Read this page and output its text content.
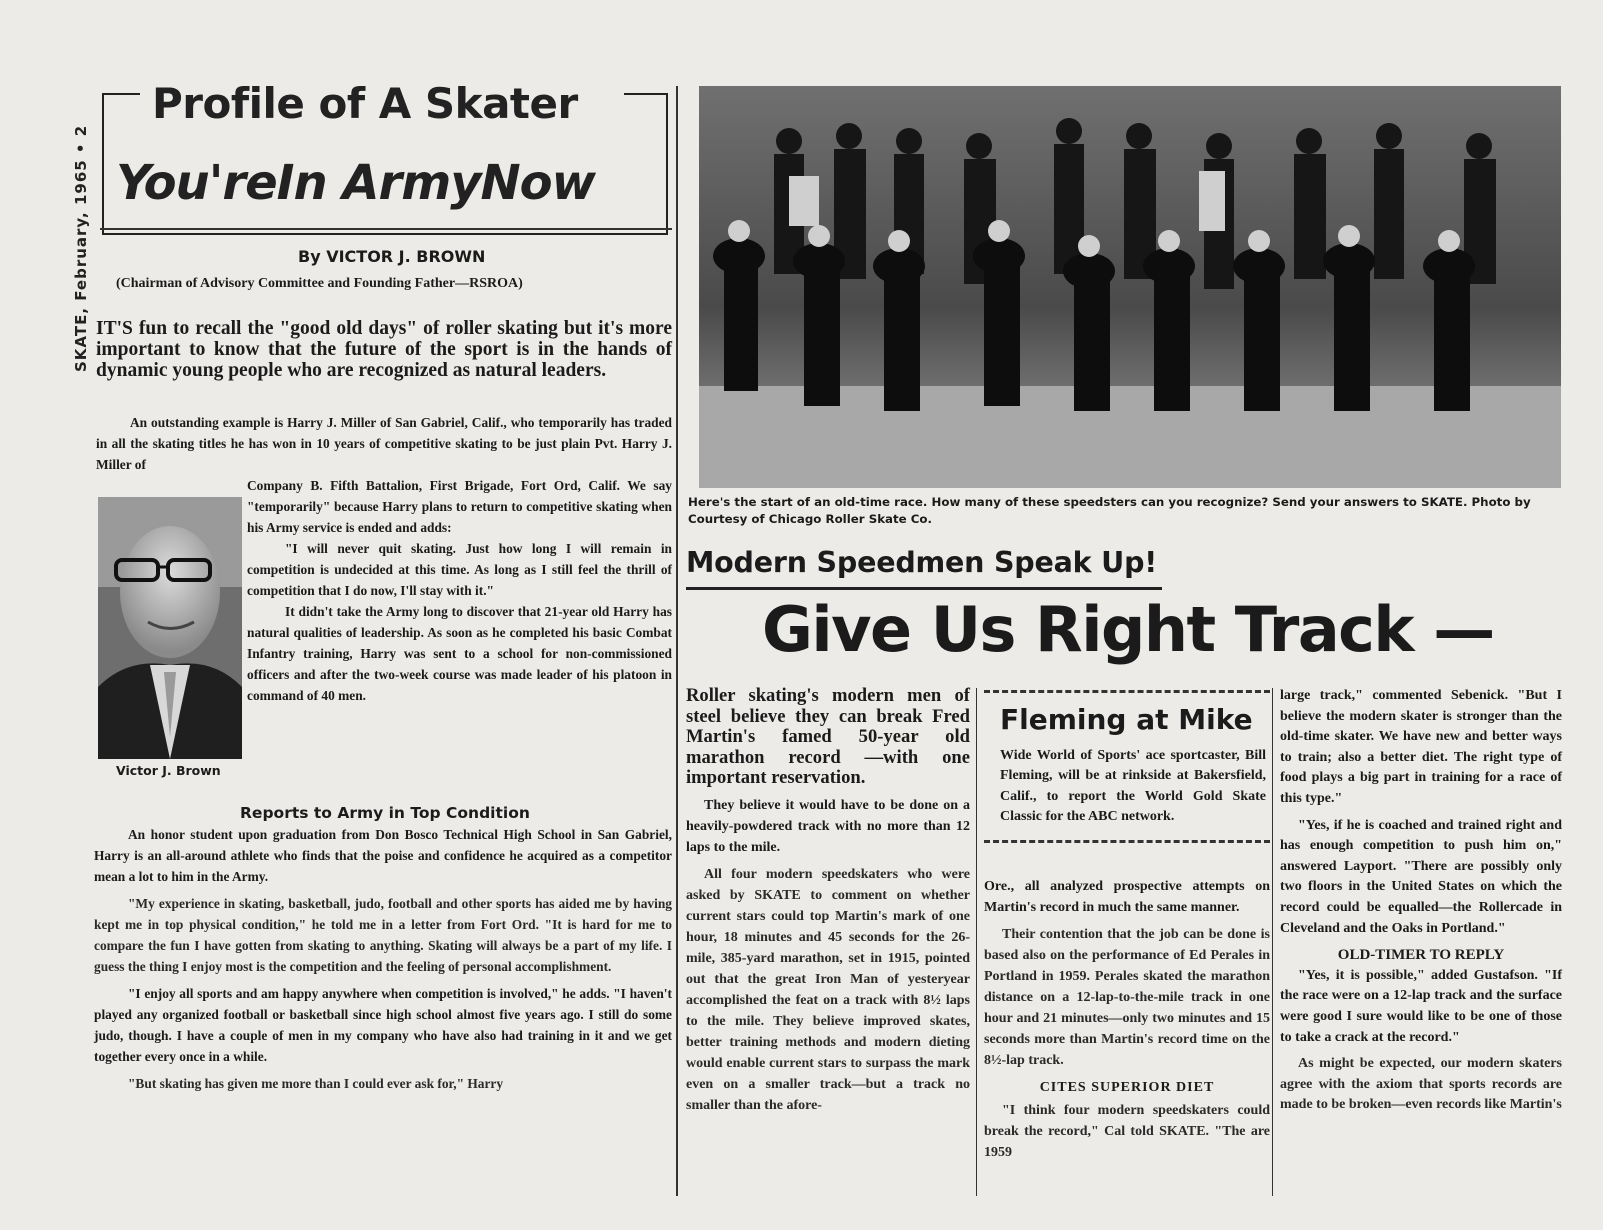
SKATE, February, 1965 • 2
Profile of A Skater
You'reIn ArmyNow
By VICTOR J. BROWN
(Chairman of Advisory Committee and Founding Father—RSROA)

IT'S fun to recall the "good old days" of roller skating but it's more important to know that the future of the sport is in the hands of dynamic young people who are recognized as natural leaders.

An outstanding example is Harry J. Miller of San Gabriel, Calif., who temporarily has traded in all the skating titles he has won in 10 years of competitive skating to be just plain Pvt. Harry J. Miller of

Victor J. Brown

Company B. Fifth Battalion, First Brigade, Fort Ord, Calif. We say "temporarily" because Harry plans to return to competitive skating when his Army service is ended and adds:

"I will never quit skating. Just how long I will remain in competition is undecided at this time. As long as I still feel the thrill of competition that I do now, I'll stay with it."

It didn't take the Army long to discover that 21-year old Harry has natural qualities of leadership. As soon as he completed his basic Combat Infantry training, Harry was sent to a school for non-commissioned officers and after the two-week course was made leader of his platoon in command of 40 men.

Reports to Army in Top Condition

An honor student upon graduation from Don Bosco Technical High School in San Gabriel, Harry is an all-around athlete who finds that the poise and confidence he acquired as a competitor mean a lot to him in the Army.

"My experience in skating, basketball, judo, football and other sports has aided me by having kept me in top physical condition," he told me in a letter from Fort Ord. "It is hard for me to compare the fun I have gotten from skating to anything. Skating will always be a part of my life. I guess the thing I enjoy most is the competition and the feeling of personal accomplishment.

"I enjoy all sports and am happy anywhere when competition is involved," he adds. "I haven't played any organized football or basketball since high school almost five years ago. I still do some judo, though. I have a couple of men in my company who have also had training in it and we get together every once in a while.

"But skating has given me more than I could ever ask for," Harry

Here's the start of an old-time race. How many of these speedsters can you recognize? Send your answers to SKATE. Photo by Courtesy of Chicago Roller Skate Co.
Modern Speedmen Speak Up!
Give Us Right Track —

Roller skating's modern men of steel believe they can break Fred Martin's famed 50-year old marathon record —with one important reservation.

They believe it would have to be done on a heavily-powdered track with no more than 12 laps to the mile.

All four modern speedskaters who were asked by SKATE to comment on whether current stars could top Martin's mark of one hour, 18 minutes and 45 seconds for the 26-mile, 385-yard marathon, set in 1915, pointed out that the great Iron Man of yesteryear accomplished the feat on a track with 8½ laps to the mile. They believe improved skates, better training methods and modern dieting would enable current stars to surpass the mark even on a smaller track—but a track no smaller than the afore-

Fleming at Mike
Wide World of Sports' ace sportcaster, Bill Fleming, will be at rinkside at Bakersfield, Calif., to report the World Gold Skate Classic for the ABC network.

Ore., all analyzed prospective attempts on Martin's record in much the same manner.

Their contention that the job can be done is based also on the performance of Ed Perales in Portland in 1959. Perales skated the marathon distance on a 12-lap-to-the-mile track in one hour and 21 minutes—only two minutes and 15 seconds more than Martin's record time on the 8½-lap track.

CITES SUPERIOR DIET

"I think four modern speedskaters could break the record," Cal told SKATE. "The are 1959

large track," commented Sebenick. "But I believe the modern skater is stronger than the old-time skater. We have new and better ways to train; also a better diet. The right type of food plays a big part in training for a race of this type."

"Yes, if he is coached and trained right and has enough competition to push him on," answered Layport. "There are possibly only two floors in the United States on which the record could be equalled—the Rollercade in Cleveland and the Oaks in Portland."

OLD-TIMER TO REPLY

"Yes, it is possible," added Gustafson. "If the race were on a 12-lap track and the surface were good I sure would like to be one of those to take a crack at the record."

As might be expected, our modern skaters agree with the axiom that sports records are made to be broken—even records like Martin's
